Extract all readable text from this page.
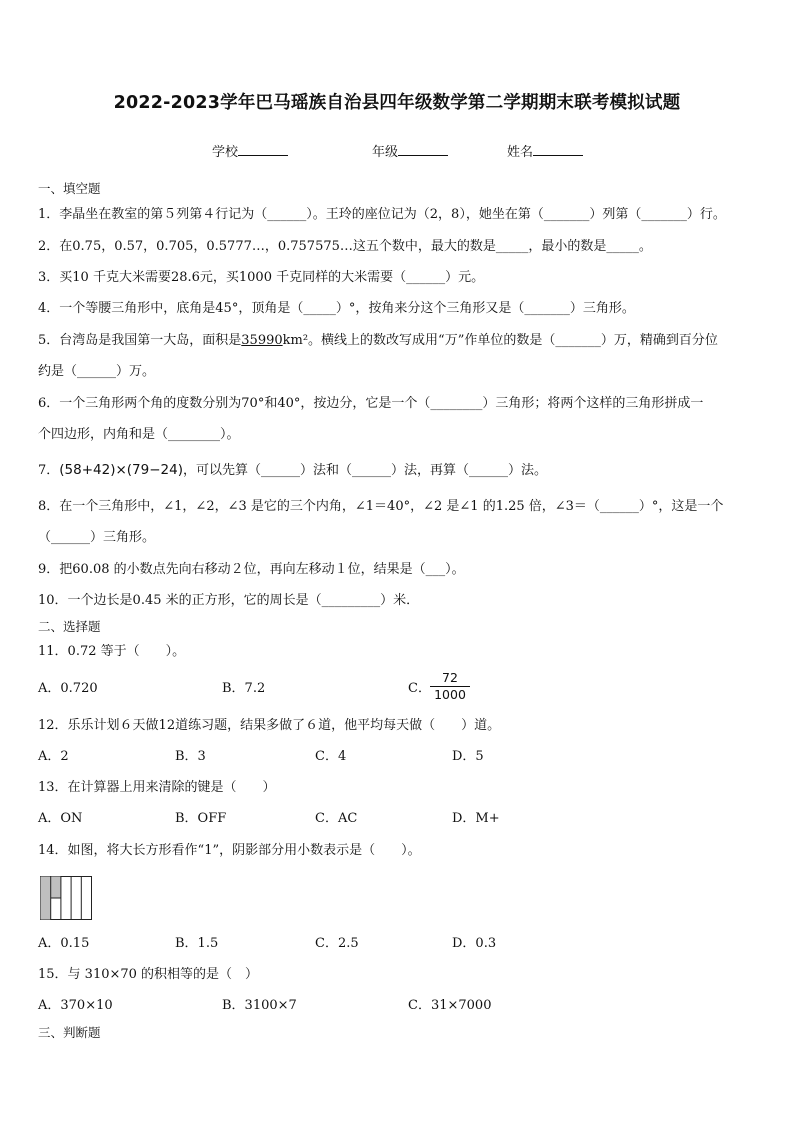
2022-2023学年巴马瑶族自治县四年级数学第二学期期末联考模拟试题
学校	年级	姓名
一、填空题
1．李晶坐在教室的第５列第４行记为（______）。王玲的座位记为（2，8），她坐在第（_______）列第（_______）行。
2．在0.75，0.57，0.705，0.5777…，0.757575…这五个数中，最大的数是_____，最小的数是_____。
3．买10 千克大米需要28.6元，买1000 千克同样的大米需要（______）元。
4．一个等腰三角形中，底角是45°，顶角是（_____）°，按角来分这个三角形又是（_______）三角形。
5．台湾岛是我国第一大岛，面积是35990km²。横线上的数改写成用“万”作单位的数是（_______）万，精确到百分位
约是（______）万。
6．一个三角形两个角的度数分别为70°和40°，按边分，它是一个（________）三角形；将两个这样的三角形拼成一
个四边形，内角和是（________）。
7．(58+42)×(79−24)，可以先算（______）法和（______）法，再算（______）法。
8．在一个三角形中，∠1，∠2，∠3 是它的三个内角，∠1＝40°，∠2 是∠1 的1.25 倍，∠3＝（______）°，这是一个
（______）三角形。
9．把60.08 的小数点先向右移动２位，再向左移动１位，结果是（___）。
10．一个边长是0.45 米的正方形，它的周长是（_________）米．
二、选择题
11．0.72 等于（　　）。
A．0.720	B．7.2	C． $\frac{72}{1000}$
12．乐乐计划６天做12道练习题，结果多做了６道，他平均每天做（　　）道。
A．2	B．3	C．4	D．5
13．在计算器上用来清除的键是（　　）
A．ON	B．OFF	C．AC	D．M+
14．如图，将大长方形看作“1”，阴影部分用小数表示是（　　）。
A．0.15	B．1.5	C．2.5	D．0.3
15．与 310×70 的积相等的是（　）
A．370×10	B．3100×7	C．31×7000
三、判断题
